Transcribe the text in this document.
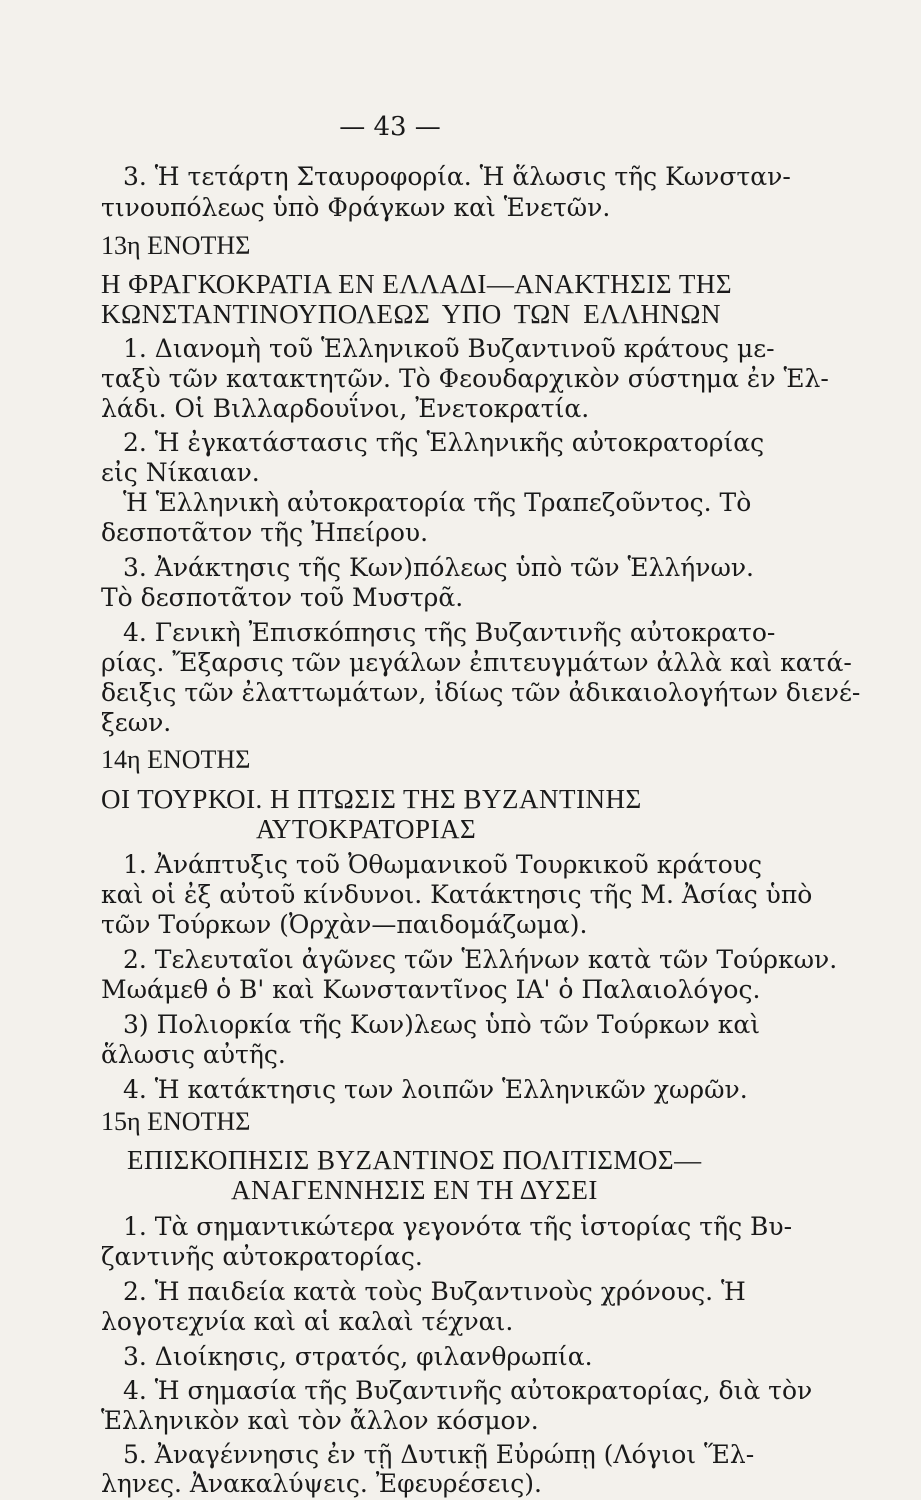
— 43 —
3. Ἡ τετάρτη Σταυροφορία. Ἡ ἅλωσις τῆς Κωνσταν-
τινουπόλεως ὑπὸ Φράγκων καὶ Ἑνετῶν.
13η ΕΝΟΤΗΣ
Η ΦΡΑΓΚΟΚΡΑΤΙΑ ΕΝ ΕΛΛΑΔΙ—ΑΝΑΚΤΗΣΙΣ ΤΗΣ
ΚΩΝΣΤΑΝΤΙΝΟΥΠΟΛΕΩΣ ΥΠΟ ΤΩΝ ΕΛΛΗΝΩΝ
1. Διανομὴ τοῦ Ἑλληνικοῦ Βυζαντινοῦ κράτους με-
ταξὺ τῶν κατακτητῶν. Τὸ Φεουδαρχικὸν σύστημα ἐν Ἑλ-
λάδι. Οἱ Βιλλαρδουΐνοι, Ἐνετοκρατία.
2. Ἡ ἐγκατάστασις τῆς Ἑλληνικῆς αὐτοκρατορίας
εἰς Νίκαιαν.
Ἡ Ἑλληνικὴ αὐτοκρατορία τῆς Τραπεζοῦντος. Τὸ
δεσποτᾶτον τῆς Ἠπείρου.
3. Ἀνάκτησις τῆς Κων)πόλεως ὑπὸ τῶν Ἑλλήνων.
Τὸ δεσποτᾶτον τοῦ Μυστρᾶ.
4. Γενικὴ Ἐπισκόπησις τῆς Βυζαντινῆς αὐτοκρατο-
ρίας. Ἔξαρσις τῶν μεγάλων ἐπιτευγμάτων ἀλλὰ καὶ κατά-
δειξις τῶν ἐλαττωμάτων, ἰδίως τῶν ἀδικαιολογήτων διενέ-
ξεων.
14η ΕΝΟΤΗΣ
ΟΙ ΤΟΥΡΚΟΙ. Η ΠΤΩΣΙΣ ΤΗΣ ΒΥΖΑΝΤΙΝΗΣ
ΑΥΤΟΚΡΑΤΟΡΙΑΣ
1. Ἀνάπτυξις τοῦ Ὀθωμανικοῦ Τουρκικοῦ κράτους
καὶ οἱ ἐξ αὐτοῦ κίνδυνοι. Κατάκτησις τῆς Μ. Ἀσίας ὑπὸ
τῶν Τούρκων (Ὀρχὰν—παιδομάζωμα).
2. Τελευταῖοι ἀγῶνες τῶν Ἑλλήνων κατὰ τῶν Τούρκων.
Μωάμεθ ὁ Β' καὶ Κωνσταντῖνος ΙΑ' ὁ Παλαιολόγος.
3) Πολιορκία τῆς Κων)λεως ὑπὸ τῶν Τούρκων καὶ
ἅλωσις αὐτῆς.
4. Ἡ κατάκτησις των λοιπῶν Ἑλληνικῶν χωρῶν.
15η ΕΝΟΤΗΣ
ΕΠΙΣΚΟΠΗΣΙΣ ΒΥΖΑΝΤΙΝΟΣ ΠΟΛΙΤΙΣΜΟΣ—
ΑΝΑΓΕΝΝΗΣΙΣ ΕΝ ΤΗ ΔΥΣΕΙ
1. Τὰ σημαντικώτερα γεγονότα τῆς ἱστορίας τῆς Βυ-
ζαντινῆς αὐτοκρατορίας.
2. Ἡ παιδεία κατὰ τοὺς Βυζαντινοὺς χρόνους. Ἡ
λογοτεχνία καὶ αἱ καλαὶ τέχναι.
3. Διοίκησις, στρατός, φιλανθρωπία.
4. Ἡ σημασία τῆς Βυζαντινῆς αὐτοκρατορίας, διὰ τὸν
Ἑλληνικὸν καὶ τὸν ἄλλον κόσμον.
5. Ἀναγέννησις ἐν τῇ Δυτικῇ Εὐρώπῃ (Λόγιοι Ἕλ-
ληνες. Ἀνακαλύψεις. Ἐφευρέσεις).
